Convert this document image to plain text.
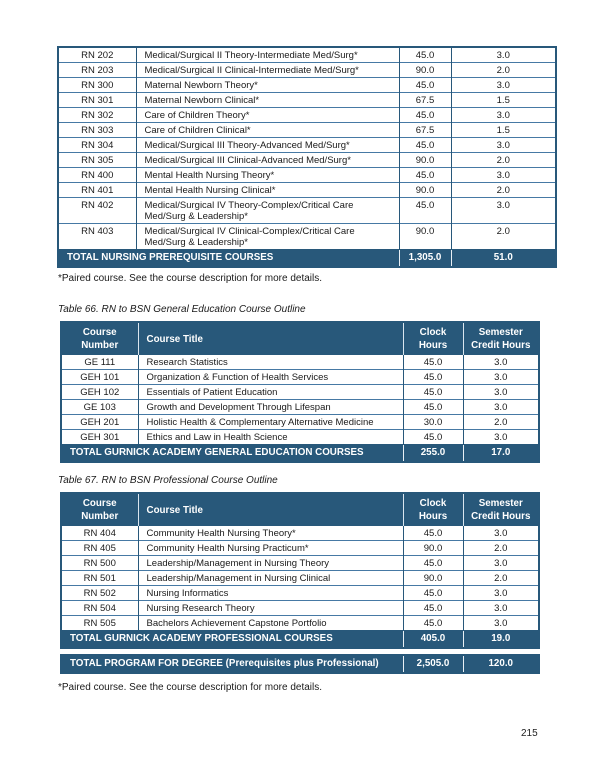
RN 202	Medical/Surgical II Theory-Intermediate Med/Surg*	45.0	3.0
RN 203	Medical/Surgical II Clinical-Intermediate Med/Surg*	90.0	2.0
RN 300	Maternal Newborn Theory*	45.0	3.0
RN 301	Maternal Newborn Clinical*	67.5	1.5
RN 302	Care of Children Theory*	45.0	3.0
RN 303	Care of Children Clinical*	67.5	1.5
RN 304	Medical/Surgical III Theory-Advanced Med/Surg*	45.0	3.0
RN 305	Medical/Surgical III Clinical-Advanced Med/Surg*	90.0	2.0
RN 400	Mental Health Nursing Theory*	45.0	3.0
RN 401	Mental Health Nursing Clinical*	90.0	2.0
RN 402	Medical/Surgical IV Theory-Complex/Critical Care Med/Surg & Leadership*	45.0	3.0
RN 403	Medical/Surgical IV Clinical-Complex/Critical Care Med/Surg & Leadership*	90.0	2.0
TOTAL NURSING PREREQUISITE COURSES		1,305.0	51.0
*Paired course. See the course description for more details.
Table 66. RN to BSN General Education Course Outline
Course Number	Course Title	Clock Hours	Semester Credit Hours
GE 111	Research Statistics	45.0	3.0
GEH 101	Organization & Function of Health Services	45.0	3.0
GEH 102	Essentials of Patient Education	45.0	3.0
GE 103	Growth and Development Through Lifespan	45.0	3.0
GEH 201	Holistic Health & Complementary Alternative Medicine	30.0	2.0
GEH 301	Ethics and Law in Health Science	45.0	3.0
TOTAL GURNICK ACADEMY GENERAL EDUCATION COURSES		255.0	17.0
Table 67. RN to BSN Professional Course Outline
Course Number	Course Title	Clock Hours	Semester Credit Hours
RN 404	Community Health Nursing Theory*	45.0	3.0
RN 405	Community Health Nursing Practicum*	90.0	2.0
RN 500	Leadership/Management in Nursing Theory	45.0	3.0
RN 501	Leadership/Management in Nursing Clinical	90.0	2.0
RN 502	Nursing Informatics	45.0	3.0
RN 504	Nursing Research Theory	45.0	3.0
RN 505	Bachelors Achievement Capstone Portfolio	45.0	3.0
TOTAL GURNICK ACADEMY PROFESSIONAL COURSES		405.0	19.0
TOTAL PROGRAM FOR DEGREE (Prerequisites plus Professional)	2,505.0	120.0
*Paired course. See the course description for more details.
215
